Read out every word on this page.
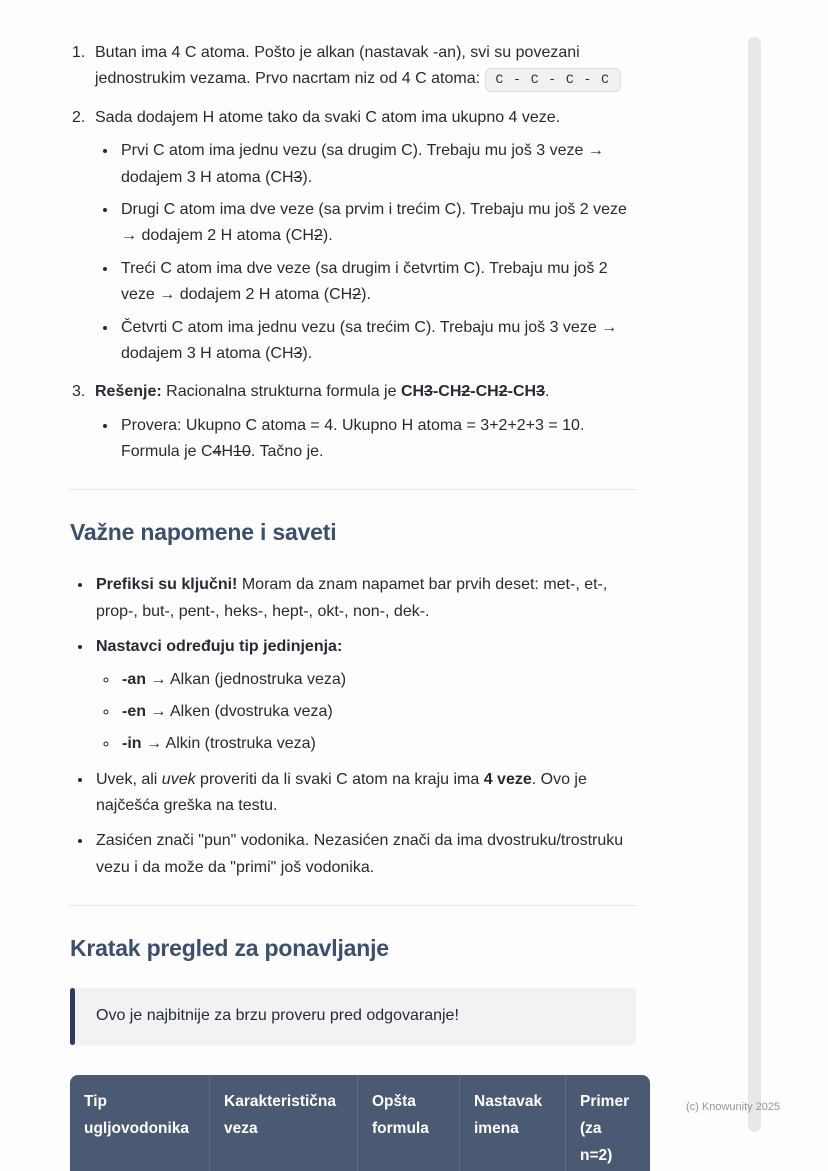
1. Butan ima 4 C atoma. Pošto je alkan (nastavak -an), svi su povezani jednostrukim vezama. Prvo nacrtam niz od 4 C atoma: C - C - C - C
2. Sada dodajem H atome tako da svaki C atom ima ukupno 4 veze.
• Prvi C atom ima jednu vezu (sa drugim C). Trebaju mu još 3 veze → dodajem 3 H atoma (CH3).
• Drugi C atom ima dve veze (sa prvim i trećim C). Trebaju mu još 2 veze → dodajem 2 H atoma (CH2).
• Treći C atom ima dve veze (sa drugim i četvrtim C). Trebaju mu još 2 veze → dodajem 2 H atoma (CH2).
• Četvrti C atom ima jednu vezu (sa trećim C). Trebaju mu još 3 veze → dodajem 3 H atoma (CH3).
3. Rešenje: Racionalna strukturna formula je CH3-CH2-CH2-CH3.
• Provera: Ukupno C atoma = 4. Ukupno H atoma = 3+2+2+3 = 10. Formula je C4H10. Tačno je.
Važne napomene i saveti
• Prefiksi su ključni! Moram da znam napamet bar prvih deset: met-, et-, prop-, but-, pent-, heks-, hept-, okt-, non-, dek-.
• Nastavci određuju tip jedinjenja:
◦ -an → Alkan (jednostruka veza)
◦ -en → Alken (dvostruka veza)
◦ -in → Alkin (trostruka veza)
• Uvek, ali uvek proveriti da li svaki C atom na kraju ima 4 veze. Ovo je najčešća greška na testu.
• Zasićen znači "pun" vodonika. Nezasićen znači da ima dvostruku/trostruku vezu i da može da "primi" još vodonika.
Kratak pregled za ponavljanje

Ovo je najbitnije za brzu proveru pred odgovaranje!

Tip ugljovodonika	Karakteristična veza	Opšta formula	Nastavak imena	Primer (za n=2)
(c) Knowunity 2025
